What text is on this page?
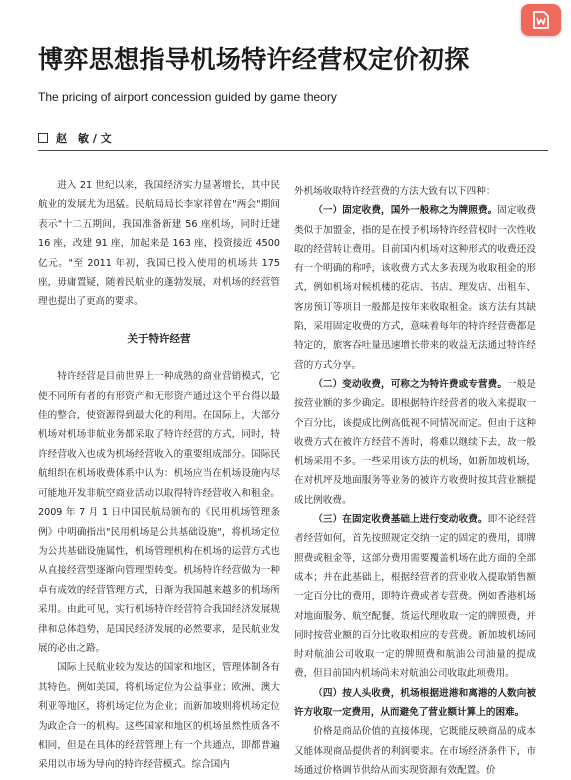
博弈思想指导机场特许经营权定价初探

The pricing of airport concession guided by game theory

赵　敏 / 文

进入 21 世纪以来，我国经济实力显著增长，其中民航业的发展尤为迅猛。民航局局长李家祥曾在"两会"期间表示"十二五期间，我国准备新建 56 座机场，同时迁建 16 座，改建 91 座，加起来是 163 座，投资接近 4500 亿元。"至 2011 年初，我国已投入使用的机场共 175 座，毋庸置疑，随着民航业的蓬勃发展，对机场的经营管理也提出了更高的要求。

关于特许经营

特许经营是目前世界上一种成熟的商业营销模式，它使不同所有者的有形资产和无形资产通过这个平台得以最佳的整合，使资源得到最大化的利用。在国际上，大部分机场对机场非航业务都采取了特许经营的方式，同时，特许经营收入也成为机场经营收入的重要组成部分。国际民航组织在机场收费体系中认为：机场应当在机场设施内尽可能地开发非航空商业活动以取得特许经营收入和租金。2009 年 7 月 1 日中国民航局颁布的《民用机场管理条例》中明确指出"民用机场是公共基础设施"，将机场定位为公共基础设施属性，机场管理机构在机场的运营方式也从直接经营型逐渐向管理型转变。机场特许经营做为一种卓有成效的经营管理方式，日渐为我国越来越多的机场所采用。由此可见，实行机场特许经营符合我国经济发展规律和总体趋势，是国民经济发展的必然要求，是民航业发展的必由之路。

国际上民航业较为发达的国家和地区，管理体制各有其特色。例如美国，将机场定位为公益事业；欧洲、澳大利亚等地区，将机场定位为企业；而新加坡则将机场定位为政企合一的机构。这些国家和地区的机场虽然性质各不相同，但是在具体的经营管理上有一个共通点，即都普遍采用以市场为导向的特许经营模式。综合国内

外机场收取特许经营费的方法大致有以下四种：

（一）固定收费，国外一般称之为牌照费。固定收费类似于加盟金，指的是在授予机场特许经营权时一次性收取的经营转让费用。目前国内机场对这种形式的收费还没有一个明确的称呼，该收费方式大多表现为收取租金的形式，例如机场对候机楼的花店、书店、理发店、出租车、客房预订等项目一般都是按年来收取租金。该方法有其缺陷，采用固定收费的方式，意味着每年的特许经营费都是特定的，旅客吞吐量迅速增长带来的收益无法通过特许经营的方式分享。

（二）变动收费，可称之为特许费或专营费。一般是按营业额的多少确定。即根据特许经营者的收入来提取一个百分比，该提成比例高低视不同情况而定。但由于这种收费方式在被许方经营不善时，将难以继续下去，故一般机场采用不多。一些采用该方法的机场，如新加坡机场，在对机坪及地面服务等业务的被许方收费时按其营业额提成比例收费。

（三）在固定收费基础上进行变动收费。即不论经营者经营如何，首先按照规定交纳一定的固定的费用，即牌照费或租金等，这部分费用需要覆盖机场在此方面的全部成本；并在此基础上，根据经营者的营业收入提取销售额一定百分比的费用，即特许费或者专营费。例如香港机场对地面服务、航空配餐、货运代理收取一定的牌照费，并同时按营业额的百分比收取相应的专营费。新加坡机场同时对航油公司收取一定的牌照费和航油公司油量的提成费，但目前国内机场尚未对航油公司收取此项费用。

（四）按人头收费，机场根据进港和离港的人数向被许方收取一定费用，从而避免了营业额计算上的困难。

价格是商品价值的直接体现，它既能反映商品的成本又能体现商品提供者的利润要求。在市场经济条件下，市场通过价格调节供给从而实现资源有效配置。价
